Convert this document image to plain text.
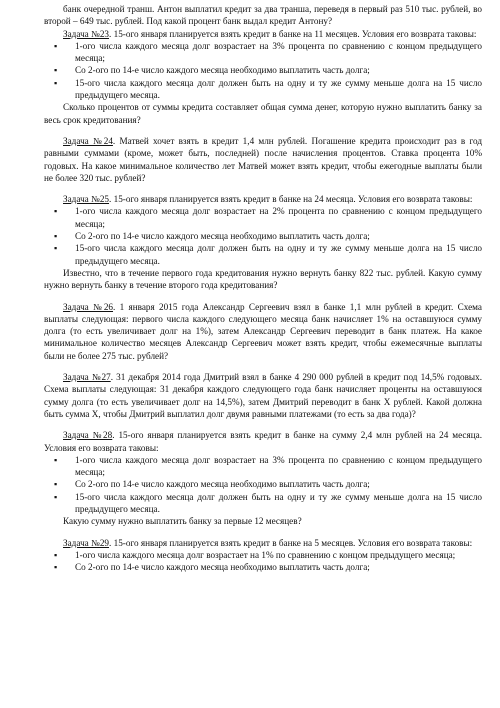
банк очередной транш. Антон выплатил кредит за два транша, переведя в первый раз 510 тыс. рублей, во второй – 649 тыс. рублей. Под какой процент банк выдал кредит Антону?

Задача №23. 15-ого января планируется взять кредит в банке на 11 месяцев. Условия его возврата таковы:

▪ 1-ого числа каждого месяца долг возрастает на 3% процента по сравнению с концом предыдущего месяца;
▪ Со 2-ого по 14-е число каждого месяца необходимо выплатить часть долга;
▪ 15-ого числа каждого месяца долг должен быть на одну и ту же сумму меньше долга на 15 число предыдущего месяца.

Сколько процентов от суммы кредита составляет общая сумма денег, которую нужно выплатить банку за весь срок кредитования?

Задача №24. Матвей хочет взять в кредит 1,4 млн рублей. Погашение кредита происходит раз в год равными суммами (кроме, может быть, последней) после начисления процентов. Ставка процента 10% годовых. На какое минимальное количество лет Матвей может взять кредит, чтобы ежегодные выплаты были не более 320 тыс. рублей?

Задача №25. 15-ого января планируется взять кредит в банке на 24 месяца. Условия его возврата таковы:

▪ 1-ого числа каждого месяца долг возрастает на 2% процента по сравнению с концом предыдущего месяца;
▪ Со 2-ого по 14-е число каждого месяца необходимо выплатить часть долга;
▪ 15-ого числа каждого месяца долг должен быть на одну и ту же сумму меньше долга на 15 число предыдущего месяца.

Известно, что в течение первого года кредитования нужно вернуть банку 822 тыс. рублей. Какую сумму нужно вернуть банку в течение второго года кредитования?

Задача №26. 1 января 2015 года Александр Сергеевич взял в банке 1,1 млн рублей в кредит. Схема выплаты следующая: первого числа каждого следующего месяца банк начисляет 1% на оставшуюся сумму долга (то есть увеличивает долг на 1%), затем Александр Сергеевич переводит в банк платеж. На какое минимальное количество месяцев Александр Сергеевич может взять кредит, чтобы ежемесячные выплаты были не более 275 тыс. рублей?

Задача №27. 31 декабря 2014 года Дмитрий взял в банке 4 290 000 рублей в кредит под 14,5% годовых. Схема выплаты следующая: 31 декабря каждого следующего года банк начисляет проценты на оставшуюся сумму долга (то есть увеличивает долг на 14,5%), затем Дмитрий переводит в банк X рублей. Какой должна быть сумма X, чтобы Дмитрий выплатил долг двумя равными платежами (то есть за два года)?

Задача №28. 15-ого января планируется взять кредит в банке на сумму 2,4 млн рублей на 24 месяца. Условия его возврата таковы:

▪ 1-ого числа каждого месяца долг возрастает на 3% процента по сравнению с концом предыдущего месяца;
▪ Со 2-ого по 14-е число каждого месяца необходимо выплатить часть долга;
▪ 15-ого числа каждого месяца долг должен быть на одну и ту же сумму меньше долга на 15 число предыдущего месяца.

Какую сумму нужно выплатить банку за первые 12 месяцев?

Задача №29. 15-ого января планируется взять кредит в банке на 5 месяцев. Условия его возврата таковы:

▪ 1-ого числа каждого месяца долг возрастает на 1% по сравнению с концом предыдущего месяца;
▪ Со 2-ого по 14-е число каждого месяца необходимо выплатить часть долга;
